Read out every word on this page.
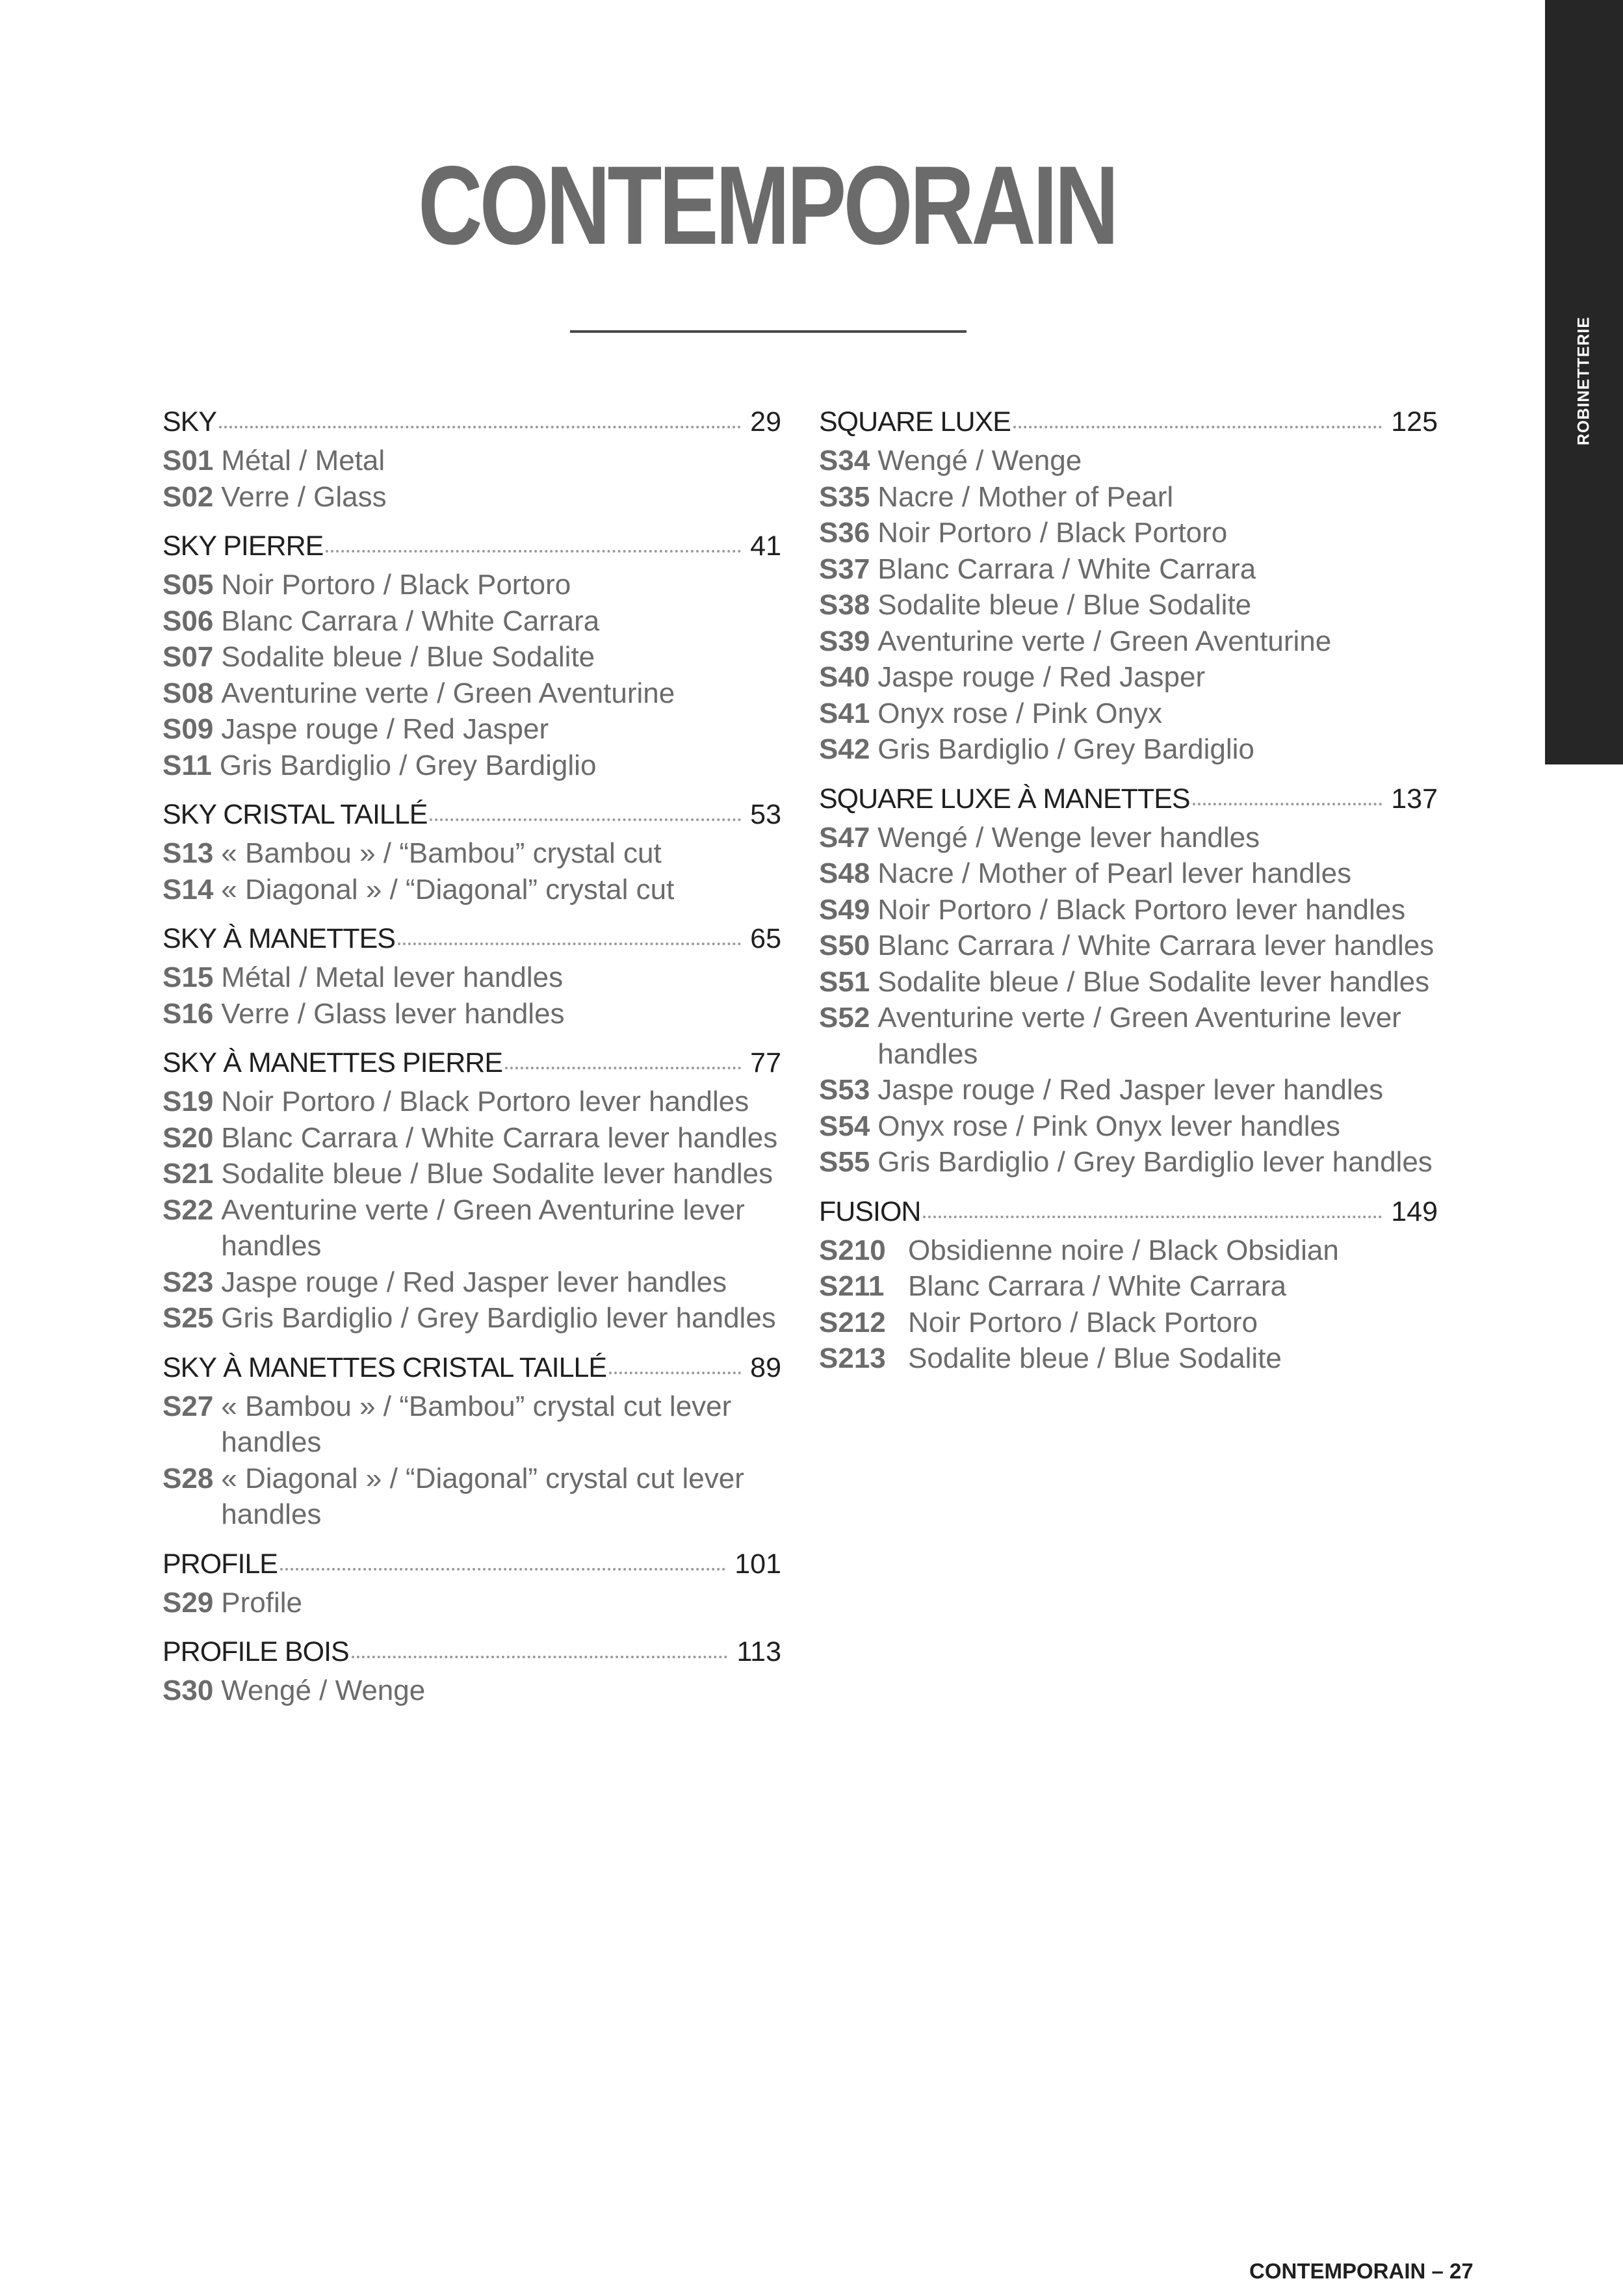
CONTEMPORAIN
ROBINETTERIE
SKY	29
S01 Métal / Metal
S02 Verre / Glass
SKY PIERRE	41
S05 Noir Portoro / Black Portoro
S06 Blanc Carrara / White Carrara
S07 Sodalite bleue / Blue Sodalite
S08 Aventurine verte / Green Aventurine
S09 Jaspe rouge / Red Jasper
S11 Gris Bardiglio / Grey Bardiglio
SKY CRISTAL TAILLÉ	53
S13 « Bambou » / “Bambou” crystal cut
S14 « Diagonal » / “Diagonal” crystal cut
SKY À MANETTES	65
S15 Métal / Metal lever handles
S16 Verre / Glass lever handles
SKY À MANETTES PIERRE	77
S19 Noir Portoro / Black Portoro lever handles
S20 Blanc Carrara / White Carrara lever handles
S21 Sodalite bleue / Blue Sodalite lever handles
S22 Aventurine verte / Green Aventurine lever handles
S23 Jaspe rouge / Red Jasper lever handles
S25 Gris Bardiglio / Grey Bardiglio lever handles
SKY À MANETTES CRISTAL TAILLÉ	89
S27 « Bambou » / “Bambou” crystal cut lever handles
S28 « Diagonal » / “Diagonal” crystal cut lever handles
PROFILE	101
S29 Profile
PROFILE BOIS	113
S30 Wengé / Wenge
SQUARE LUXE	125
S34 Wengé / Wenge
S35 Nacre / Mother of Pearl
S36 Noir Portoro / Black Portoro
S37 Blanc Carrara / White Carrara
S38 Sodalite bleue / Blue Sodalite
S39 Aventurine verte / Green Aventurine
S40 Jaspe rouge / Red Jasper
S41 Onyx rose / Pink Onyx
S42 Gris Bardiglio / Grey Bardiglio
SQUARE LUXE À MANETTES	137
S47 Wengé / Wenge lever handles
S48 Nacre / Mother of Pearl lever handles
S49 Noir Portoro / Black Portoro lever handles
S50 Blanc Carrara / White Carrara lever handles
S51 Sodalite bleue / Blue Sodalite lever handles
S52 Aventurine verte / Green Aventurine lever handles
S53 Jaspe rouge / Red Jasper lever handles
S54 Onyx rose / Pink Onyx lever handles
S55 Gris Bardiglio / Grey Bardiglio lever handles
FUSION	149
S210 Obsidienne noire / Black Obsidian
S211 Blanc Carrara / White Carrara
S212 Noir Portoro / Black Portoro
S213 Sodalite bleue / Blue Sodalite
CONTEMPORAIN – 27
